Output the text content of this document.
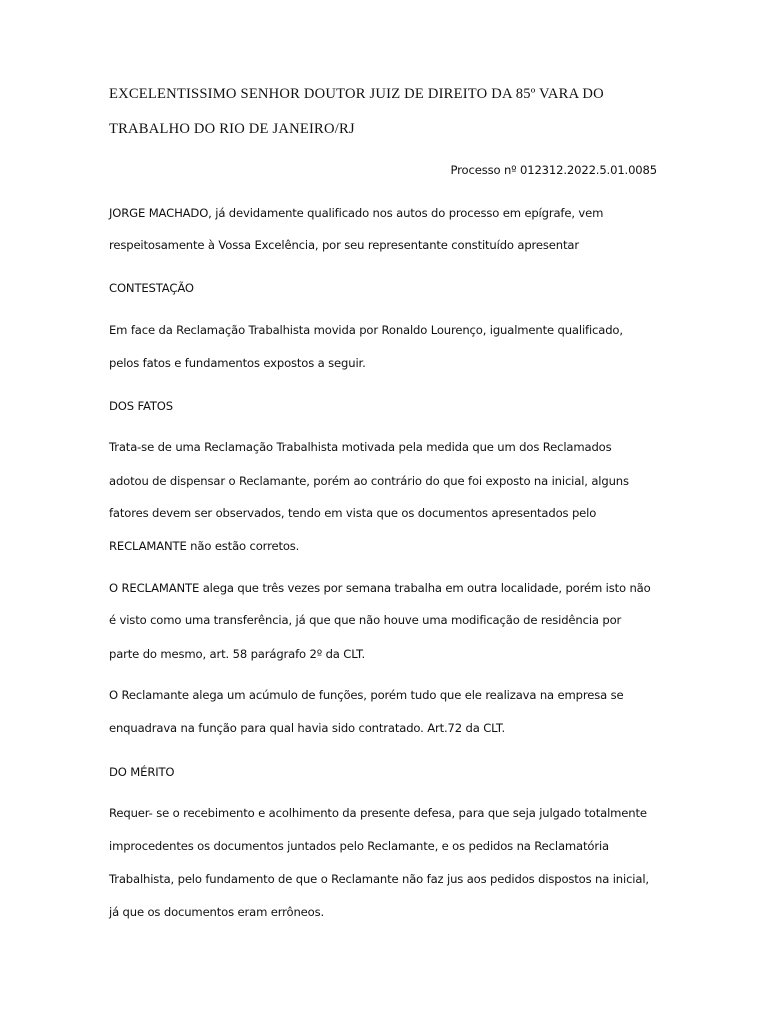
EXCELENTISSIMO SENHOR DOUTOR JUIZ DE DIREITO DA 85º VARA DO
TRABALHO DO RIO DE JANEIRO/RJ
Processo nº 012312.2022.5.01.0085
JORGE MACHADO, já devidamente qualificado nos autos do processo em epígrafe, vem
respeitosamente à Vossa Excelência, por seu representante constituído apresentar
CONTESTAÇÃO
Em face da Reclamação Trabalhista movida por Ronaldo Lourenço, igualmente qualificado,
pelos fatos e fundamentos expostos a seguir.
DOS FATOS
Trata-se de uma Reclamação Trabalhista motivada pela medida que um dos Reclamados
adotou de dispensar o Reclamante, porém ao contrário do que foi exposto na inicial, alguns
fatores devem ser observados, tendo em vista que os documentos apresentados pelo
RECLAMANTE não estão corretos.
O RECLAMANTE alega que três vezes por semana trabalha em outra localidade, porém isto não
é visto como uma transferência, já que que não houve uma modificação de residência por
parte do mesmo, art. 58 parágrafo 2º da CLT.
O Reclamante alega um acúmulo de funções, porém tudo que ele realizava na empresa se
enquadrava na função para qual havia sido contratado. Art.72 da CLT.
DO MÉRITO
Requer- se o recebimento e acolhimento da presente defesa, para que seja julgado totalmente
improcedentes os documentos juntados pelo Reclamante, e os pedidos na Reclamatória
Trabalhista, pelo fundamento de que o Reclamante não faz jus aos pedidos dispostos na inicial,
já que os documentos eram errôneos.
